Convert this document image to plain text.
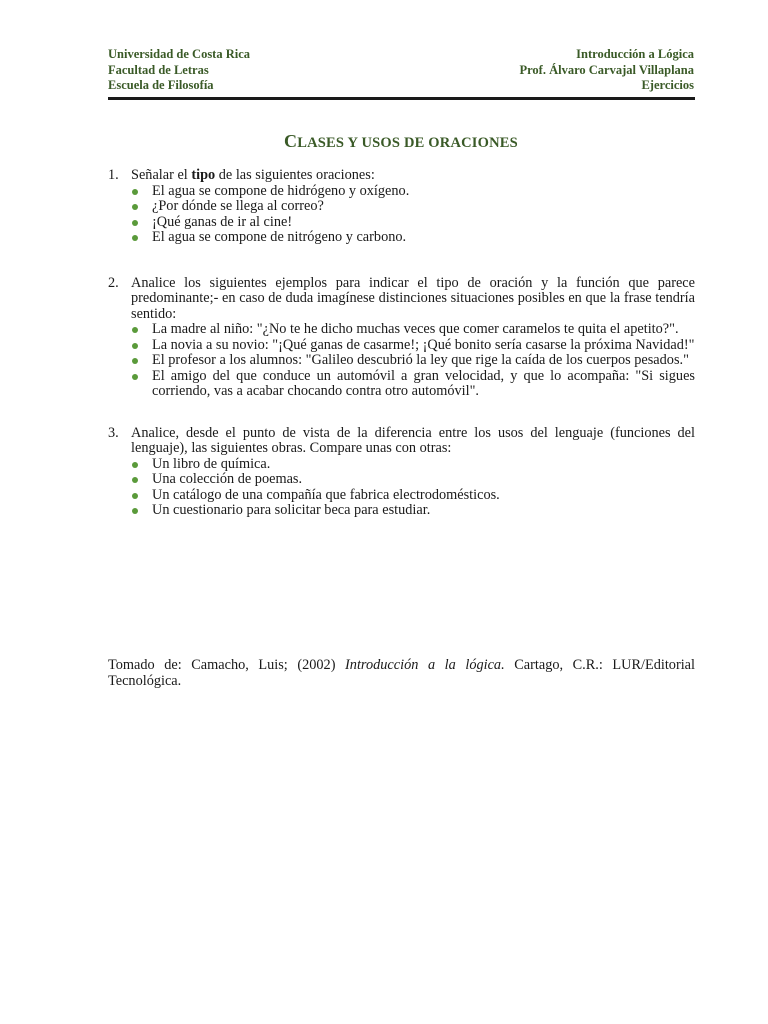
Universidad de Costa Rica
Facultad de Letras
Escuela de Filosofía
Introducción a Lógica
Prof. Álvaro Carvajal Villaplana
Ejercicios
CLASES Y USOS DE ORACIONES
1. Señalar el tipo de las siguientes oraciones:
El agua se compone de hidrógeno y oxígeno.
¿Por dónde se llega al correo?
¡Qué ganas de ir al cine!
El agua se compone de nitrógeno y carbono.
2. Analice los siguientes ejemplos para indicar el tipo de oración y la función que parece predominante;- en caso de duda imagínese distinciones situaciones posibles en que la frase tendría sentido:
La madre al niño: "¿No te he dicho muchas veces que comer caramelos te quita el apetito?".
La novia a su novio: "¡Qué ganas de casarme!; ¡Qué bonito sería casarse la próxima Navidad!"
El profesor a los alumnos: "Galileo descubrió la ley que rige la caída de los cuerpos pesados."
El amigo del que conduce un automóvil a gran velocidad, y que lo acompaña: "Si sigues corriendo, vas a acabar chocando contra otro automóvil".
3. Analice, desde el punto de vista de la diferencia entre los usos del lenguaje (funciones del lenguaje), las siguientes obras. Compare unas con otras:
Un libro de química.
Una colección de poemas.
Un catálogo de una compañía que fabrica electrodomésticos.
Un cuestionario para solicitar beca para estudiar.
Tomado de: Camacho, Luis; (2002) Introducción a la lógica. Cartago, C.R.: LUR/Editorial Tecnológica.
